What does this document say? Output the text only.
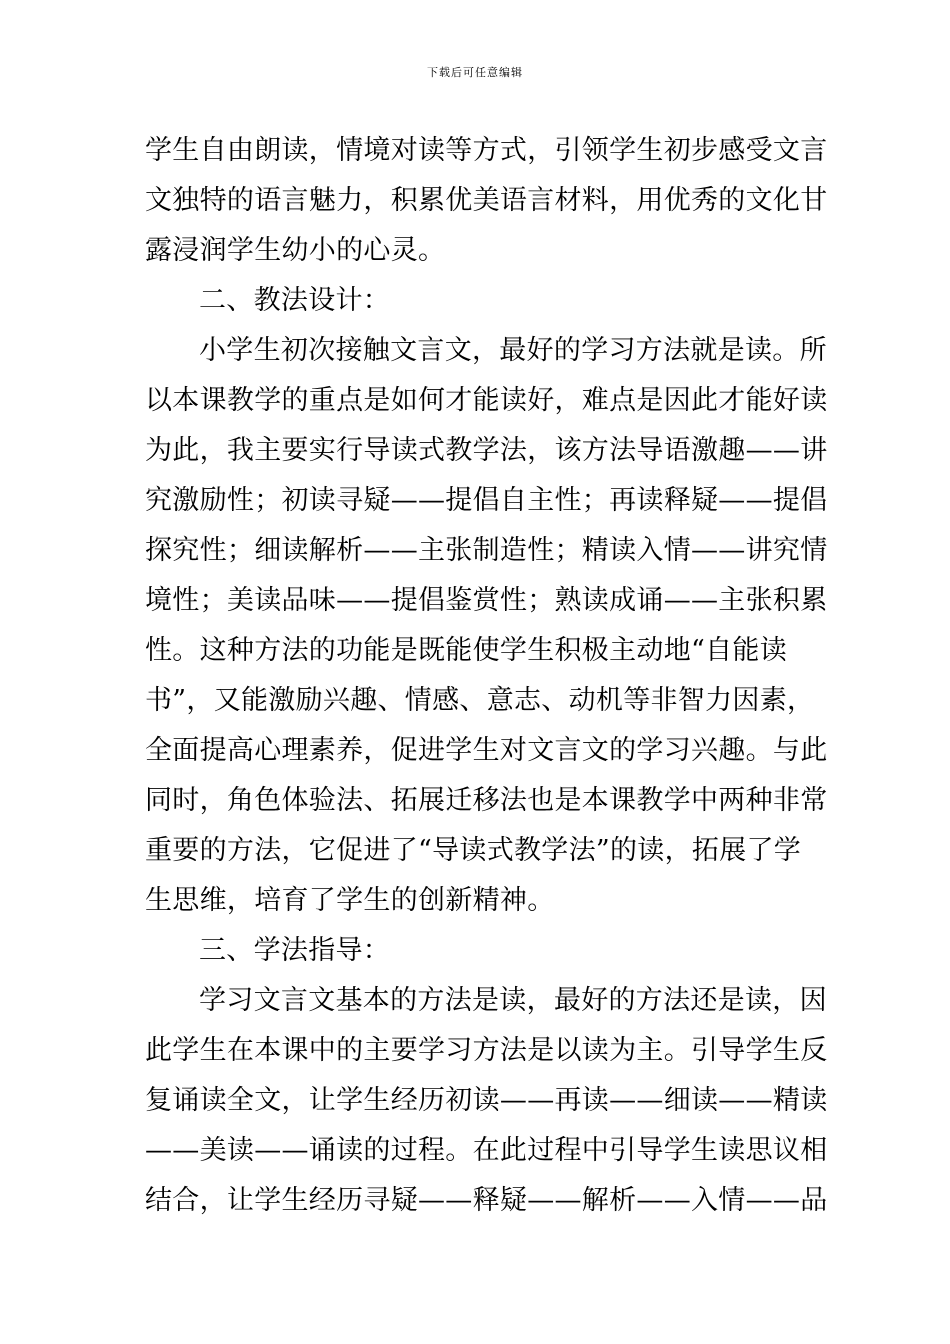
下载后可任意编辑
学生自由朗读，情境对读等方式，引领学生初步感受文言
文独特的语言魅力，积累优美语言材料，用优秀的文化甘
露浸润学生幼小的心灵。
二、教法设计：
小学生初次接触文言文，最好的学习方法就是读。所
以本课教学的重点是如何才能读好，难点是因此才能好读
为此，我主要实行导读式教学法，该方法导语激趣——讲
究激励性；初读寻疑——提倡自主性；再读释疑——提倡
探究性；细读解析——主张制造性；精读入情——讲究情
境性；美读品味——提倡鉴赏性；熟读成诵——主张积累
性。这种方法的功能是既能使学生积极主动地“自能读
书”，又能激励兴趣、情感、意志、动机等非智力因素，
全面提高心理素养，促进学生对文言文的学习兴趣。与此
同时，角色体验法、拓展迁移法也是本课教学中两种非常
重要的方法，它促进了“导读式教学法”的读，拓展了学
生思维，培育了学生的创新精神。
三、学法指导：
学习文言文基本的方法是读，最好的方法还是读，因
此学生在本课中的主要学习方法是以读为主。引导学生反
复诵读全文，让学生经历初读——再读——细读——精读
——美读——诵读的过程。在此过程中引导学生读思议相
结合，让学生经历寻疑——释疑——解析——入情——品
